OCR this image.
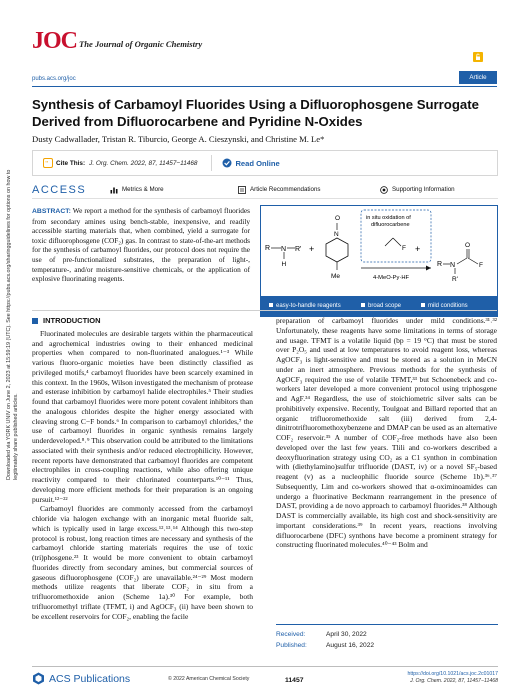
Downloaded via YORK UNIV on June 2, 2023 at 15:59:19 (UTC). See https://pubs.acs.org/sharingguidelines for options on how to legitimately share published articles.
JOC The Journal of Organic Chemistry
pubs.acs.org/joc	Article
Synthesis of Carbamoyl Fluorides Using a Difluorophosgene Surrogate Derived from Difluorocarbene and Pyridine N-Oxides
Dusty Cadwallader, Tristan R. Tiburcio, George A. Cieszynski, and Christine M. Le*
" Cite This: J. Org. Chem. 2022, 87, 11457−11468	Read Online
ACCESS	Metrics & More	Article Recommendations	Supporting Information
ABSTRACT: We report a method for the synthesis of carbamoyl fluorides from secondary amines using bench-stable, inexpensive, and readily accessible starting materials that, when combined, yield a surrogate for toxic difluorophosgene (COF₂) gas. In contrast to state-of-the-art methods for the synthesis of carbamoyl fluorides, our protocol does not require the use of pre-functionalized substrates, the preparation of light-, temperature-, and/or moisture-sensitive chemicals, or the application of explosive fluorinating reagents.
R N R'
H
+
O
N
Me
in situ oxidation of
difluorocarbene
F +
4-MeO-Py·HF
R N
R'
O
F
easy-to-handle reagents	broad scope	mild conditions
INTRODUCTION

Fluorinated molecules are desirable targets within the pharmaceutical and agrochemical industries owing to their enhanced medicinal properties when compared to non-fluorinated analogues.¹⁻³ While various fluoro-organic moieties have been distinctly classified as privileged motifs,⁴ carbamoyl fluorides have been scarcely examined in this context. In the 1960s, Wilson investigated the mechanism of protease and esterase inhibition by carbamoyl halide electrophiles.⁵ Their studies found that carbamoyl fluorides were more potent covalent inhibitors than the analogous chlorides despite the higher energy associated with cleaving strong C−F bonds.⁶ In comparison to carbamoyl chlorides,⁷ the use of carbamoyl fluorides in organic synthesis remains largely underdeveloped.⁸˒⁹ This observation could be attributed to the limitations associated with their synthesis and/or reduced electrophilicity. However, recent reports have demonstrated that carbamoyl fluorides are competent electrophiles in cross-coupling reactions, while also offering unique reactivity compared to their chlorinated counterparts.¹⁰⁻¹¹ Thus, developing more efficient methods for their preparation is an ongoing pursuit.¹²⁻²²

Carbamoyl fluorides are commonly accessed from the carbamoyl chloride via halogen exchange with an inorganic metal fluoride salt, which is typically used in large excess.¹²˒¹³˒¹⁴ Although this two-step protocol is robust, long reaction times are necessary and synthesis of the carbamoyl chloride starting materials requires the use of toxic (tri)phosgene.²³ It would be more convenient to obtain carbamoyl fluorides directly from secondary amines, but commercial sources of gaseous difluorophosgene (COF₂) are unavailable.²⁴⁻²⁹ Most modern methods utilize reagents that liberate COF₂ in situ from a trifluoromethoxide anion (Scheme 1a).³⁰ For example, both trifluoromethyl triflate (TFMT, i) and AgOCF₃ (ii) have been shown to be excellent reservoirs for COF₂, enabling the facile

preparation of carbamoyl fluorides under mild conditions.³¹˒³² Unfortunately, these reagents have some limitations in terms of storage and usage. TFMT is a volatile liquid (bp = 19 °C) that must be stored over P₂O₅ and used at low temperatures to avoid reagent loss, whereas AgOCF₃ is light-sensitive and must be stored as a solution in MeCN under an inert atmosphere. Previous methods for the synthesis of AgOCF₃ required the use of volatile TFMT,³³ but Schoenebeck and co-workers later developed a more convenient protocol using triphosgene and AgF.³⁴ Regardless, the use of stoichiometric silver salts can be prohibitively expensive. Recently, Toulgoat and Billard reported that an organic trifluoromethoxide salt (iii) derived from 2,4-dinitrotrifluoromethoxybenzene and DMAP can be used as an alternative COF₂ reservoir.³⁵ A number of COF₂-free methods have also been developed over the last few years. Tlili and co-workers described a deoxyfluorination strategy using CO₂ as a C1 synthon in combination with (diethylamino)sulfur trifluoride (DAST, iv) or a novel SF₅-based reagent (v) as a nucleophilic fluoride source (Scheme 1b).³⁶˒³⁷ Subsequently, Lim and co-workers showed that α-oximinoamides can undergo a fluorinative Beckmann rearrangement in the presence of DAST, providing a de novo approach to carbamoyl fluorides.³⁸ Although DAST is commercially available, its high cost and shock-sensitivity are important considerations.³⁹ In recent years, reactions involving difluorocarbene (DFC) synthons have become a prominent strategy for constructing fluorinated molecules.⁴⁰⁻⁴³ Bolm and

Received:	April 30, 2022
Published:	August 16, 2022
ACS Publications	© 2022 American Chemical Society	11457
https://doi.org/10.1021/acs.joc.2c01017
J. Org. Chem. 2022, 87, 11457−11468
